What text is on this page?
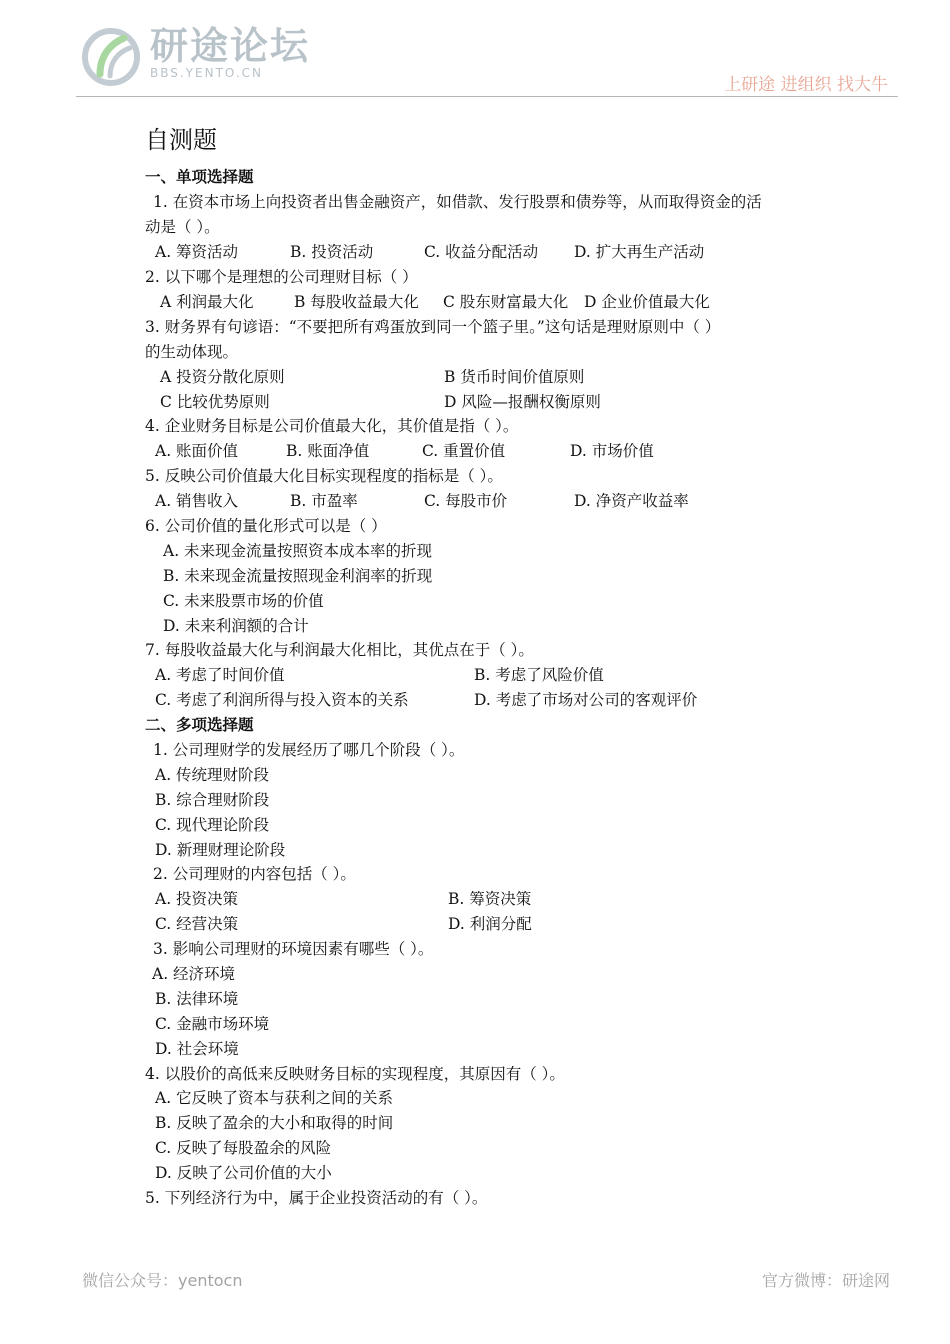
研途论坛
BBS.YENTO.CN
上研途 进组织 找大牛
自测题
一、单项选择题
1. 在资本市场上向投资者出售金融资产，如借款、发行股票和债券等，从而取得资金的活
动是（ ）。
A. 筹资活动	B. 投资活动	C. 收益分配活动 D. 扩大再生产活动
2. 以下哪个是理想的公司理财目标（ ）
A 利润最大化	B 每股收益最大化 C 股东财富最大化 D 企业价值最大化
3. 财务界有句谚语：“不要把所有鸡蛋放到同一个篮子里。”这句话是理财原则中（ ）
的生动体现。
A 投资分散化原则	B 货币时间价值原则
C 比较优势原则	D 风险—报酬权衡原则
4. 企业财务目标是公司价值最大化，其价值是指（ ）。
A. 账面价值	B. 账面净值	C. 重置价值	D. 市场价值
5. 反映公司价值最大化目标实现程度的指标是（ ）。
A. 销售收入	B. 市盈率	C. 每股市价	D. 净资产收益率
6. 公司价值的量化形式可以是（ ）
A. 未来现金流量按照资本成本率的折现
B. 未来现金流量按照现金利润率的折现
C. 未来股票市场的价值
D. 未来利润额的合计
7. 每股收益最大化与利润最大化相比，其优点在于（ ）。
A. 考虑了时间价值	B. 考虑了风险价值
C. 考虑了利润所得与投入资本的关系	D. 考虑了市场对公司的客观评价
二、多项选择题
1. 公司理财学的发展经历了哪几个阶段（ ）。
A. 传统理财阶段
B. 综合理财阶段
C. 现代理论阶段
D. 新理财理论阶段
2. 公司理财的内容包括（ ）。
A. 投资决策	B. 筹资决策
C. 经营决策	D. 利润分配
3. 影响公司理财的环境因素有哪些（ ）。
A. 经济环境
B. 法律环境
C. 金融市场环境
D. 社会环境
4. 以股价的高低来反映财务目标的实现程度，其原因有（ ）。
A. 它反映了资本与获利之间的关系
B. 反映了盈余的大小和取得的时间
C. 反映了每股盈余的风险
D. 反映了公司价值的大小
5. 下列经济行为中，属于企业投资活动的有（ ）。
微信公众号：yentocn	官方微博：研途网
